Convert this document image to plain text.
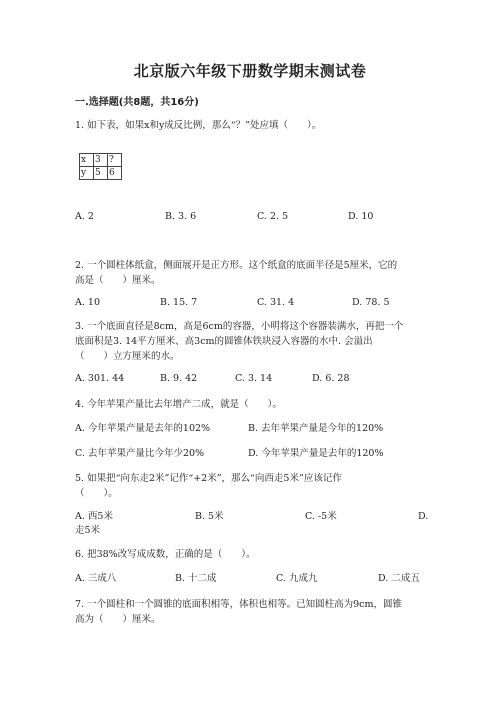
北京版六年级下册数学期末测试卷
一.选择题(共8题，共16分)
1. 如下表，如果x和y成反比例，那么“？”处应填（　　）。
x	3	?
y	5	6
A. 2	B. 3. 6	C. 2. 5	D. 10
2. 一个圆柱体纸盒，侧面展开是正方形。这个纸盒的底面半径是5厘米，它的
高是（　　）厘米。
A. 10	B. 15. 7	C. 31. 4	D. 78. 5
3. 一个底面直径是8cm，高是6cm的容器，小明将这个容器装满水，再把一个
底面积是3. 14平方厘米、高3cm的圆锥体铁块浸入容器的水中. 会溢出
（　　）立方厘米的水。
A. 301. 44	B. 9. 42	C. 3. 14	D. 6. 28
4. 今年苹果产量比去年增产二成，就是（　　）。
A. 今年苹果产量是去年的102%	B. 去年苹果产量是今年的120%
C. 去年苹果产量比今年少20%	D. 今年苹果产量是去年的120%
5. 如果把“向东走2米”记作“+2米”，那么“向西走5米”应该记作
（　　）。
A. 西5米	B. 5米	C. -5米	D.
走5米
6. 把38%改写成成数，正确的是（　　）。
A. 三成八	B. 十二成	C. 九成九	D. 二成五
7. 一个圆柱和一个圆锥的底面积相等，体积也相等。已知圆柱高为9cm，圆锥
高为（　　）厘米。
